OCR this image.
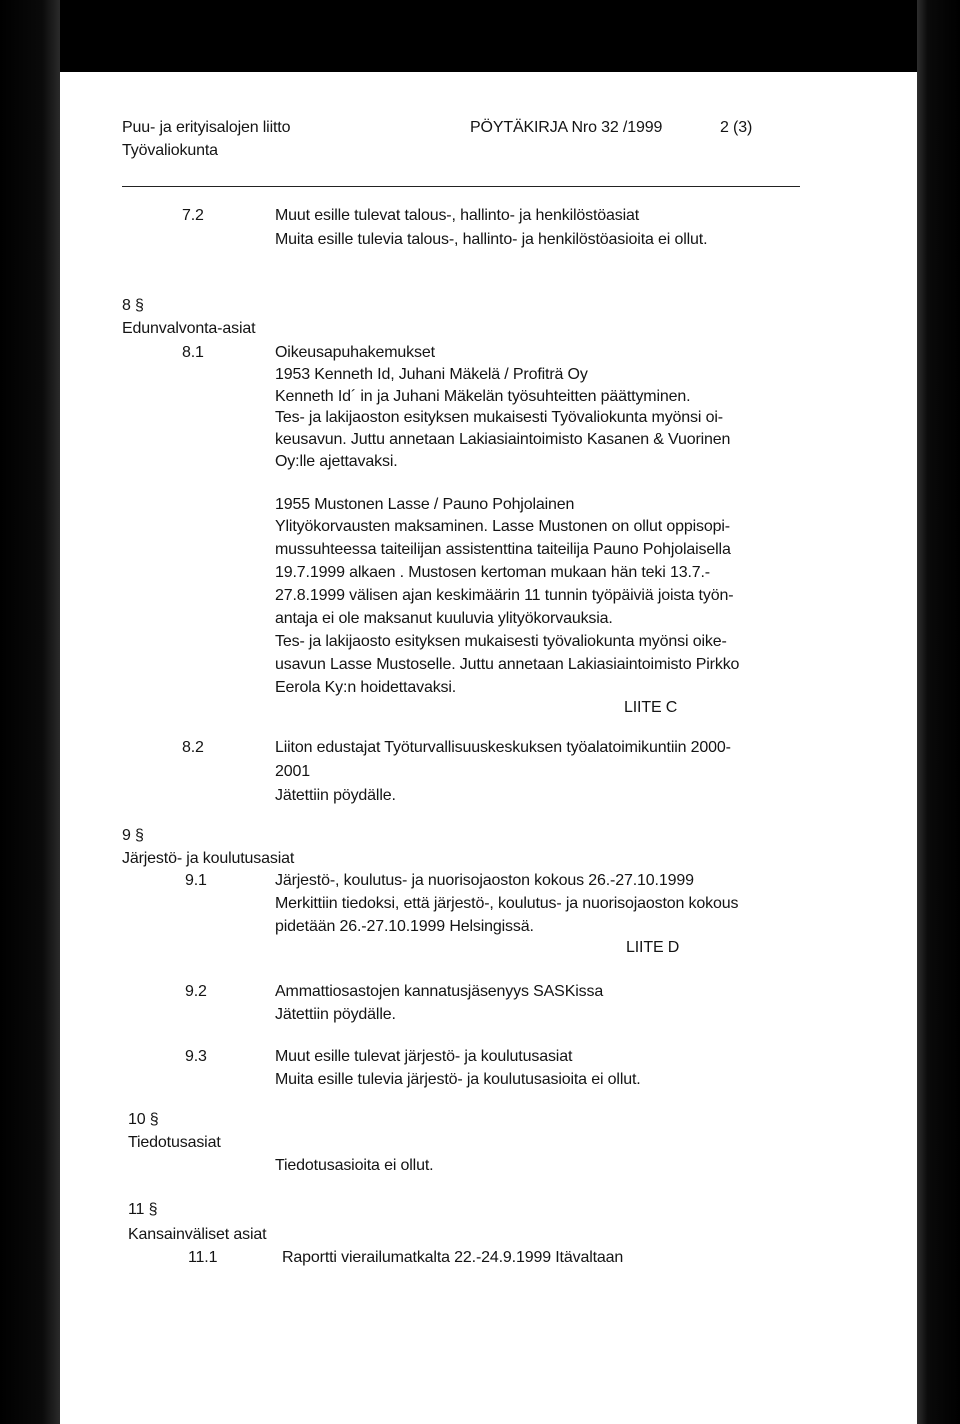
Puu- ja erityisalojen liitto	PÖYTÄKIRJA Nro 32 /1999	2 (3)
Työvaliokunta
7.2	Muut esille tulevat talous-, hallinto- ja henkilöstöasiat
Muita esille tulevia talous-, hallinto- ja henkilöstöasioita ei ollut.
8 §
Edunvalvonta-asiat
8.1	Oikeusapuhakemukset
1953 Kenneth Id, Juhani Mäkelä / Profiträ Oy
Kenneth Id´ in ja Juhani Mäkelän työsuhteitten päättyminen.
Tes- ja lakijaoston esityksen mukaisesti Työvaliokunta myönsi oi-
keusavun. Juttu annetaan Lakiasiaintoimisto Kasanen & Vuorinen
Oy:lle ajettavaksi.
1955 Mustonen Lasse / Pauno Pohjolainen
Ylityökorvausten maksaminen. Lasse Mustonen on ollut oppisopi-
mussuhteessa taiteilijan assistenttina taiteilija Pauno Pohjolaisella
19.7.1999 alkaen . Mustosen kertoman mukaan hän teki 13.7.-
27.8.1999 välisen ajan keskimäärin 11 tunnin työpäiviä joista työn-
antaja ei ole maksanut kuuluvia ylityökorvauksia.
Tes- ja lakijaosto esityksen mukaisesti työvaliokunta myönsi oike-
usavun Lasse Mustoselle. Juttu annetaan Lakiasiaintoimisto Pirkko
Eerola Ky:n hoidettavaksi.
LIITE C
8.2	Liiton edustajat Työturvallisuuskeskuksen työalatoimikuntiin 2000-
2001
Jätettiin pöydälle.
9 §
Järjestö- ja koulutusasiat
9.1	Järjestö-, koulutus- ja nuorisojaoston kokous 26.-27.10.1999
Merkittiin tiedoksi, että järjestö-, koulutus- ja nuorisojaoston kokous
pidetään 26.-27.10.1999 Helsingissä.
LIITE D
9.2	Ammattiosastojen kannatusjäsenyys SASKissa
Jätettiin pöydälle.
9.3	Muut esille tulevat järjestö- ja koulutusasiat
Muita esille tulevia järjestö- ja koulutusasioita ei ollut.
10 §
Tiedotusasiat
Tiedotusasioita ei ollut.
11 §
Kansainväliset asiat
11.1	Raportti vierailumatkalta 22.-24.9.1999 Itävaltaan
